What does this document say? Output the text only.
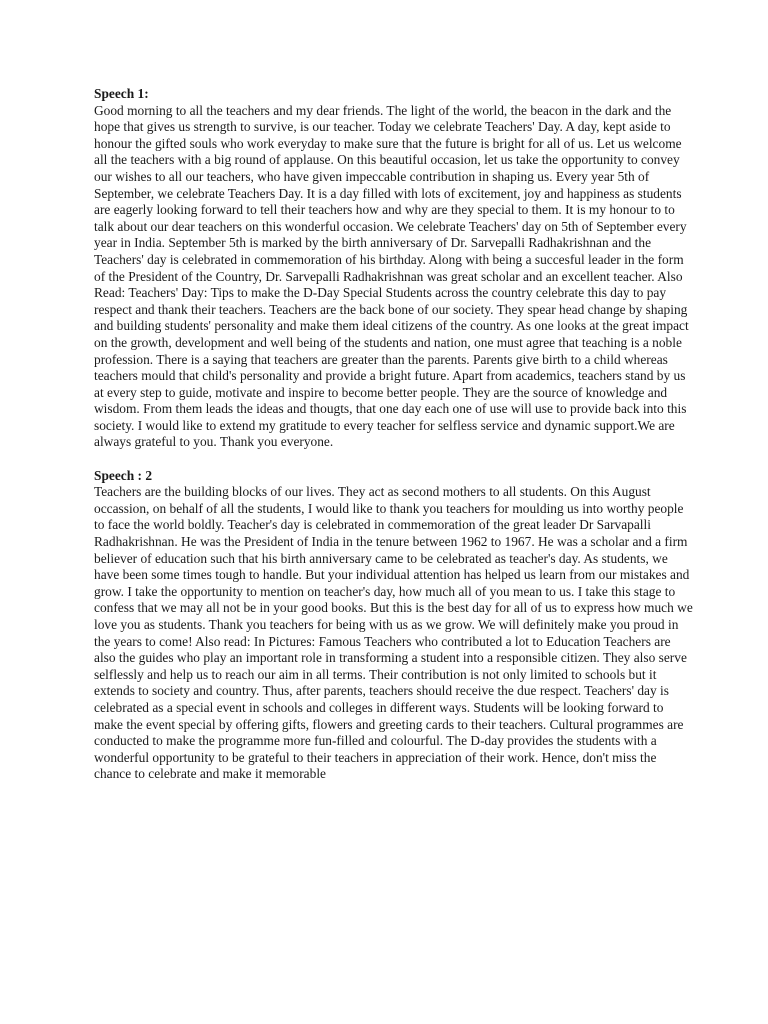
Speech 1:

Good morning to all the teachers and my dear friends. The light of the world, the beacon in the dark and the hope that gives us strength to survive, is our teacher. Today we celebrate Teachers' Day. A day, kept aside to honour the gifted souls who work everyday to make sure that the future is bright for all of us. Let us welcome all the teachers with a big round of applause. On this beautiful occasion, let us take the opportunity to convey our wishes to all our teachers, who have given impeccable contribution in shaping us. Every year 5th of September, we celebrate Teachers Day. It is a day filled with lots of excitement, joy and happiness as students are eagerly looking forward to tell their teachers how and why are they special to them. It is my honour to to talk about our dear teachers on this wonderful occasion. We celebrate Teachers' day on 5th of September every year in India. September 5th is marked by the birth anniversary of Dr. Sarvepalli Radhakrishnan and the Teachers' day is celebrated in commemoration of his birthday. Along with being a succesful leader in the form of the President of the Country, Dr. Sarvepalli Radhakrishnan was great scholar and an excellent teacher. Also Read: Teachers' Day: Tips to make the D-Day Special Students across the country celebrate this day to pay respect and thank their teachers. Teachers are the back bone of our society. They spear head change by shaping and building students' personality and make them ideal citizens of the country. As one looks at the great impact on the growth, development and well being of the students and nation, one must agree that teaching is a noble profession. There is a saying that teachers are greater than the parents. Parents give birth to a child whereas teachers mould that child's personality and provide a bright future. Apart from academics, teachers stand by us at every step to guide, motivate and inspire to become better people. They are the source of knowledge and wisdom. From them leads the ideas and thougts, that one day each one of use will use to provide back into this society. I would like to extend my gratitude to every teacher for selfless service and dynamic support.We are always grateful to you. Thank you everyone.

Speech : 2

Teachers are the building blocks of our lives. They act as second mothers to all students. On this August occassion, on behalf of all the students, I would like to thank you teachers for moulding us into worthy people to face the world boldly. Teacher's day is celebrated in commemoration of the great leader Dr Sarvapalli Radhakrishnan. He was the President of India in the tenure between 1962 to 1967. He was a scholar and a firm believer of education such that his birth anniversary came to be celebrated as teacher's day. As students, we have been some times tough to handle. But your individual attention has helped us learn from our mistakes and grow. I take the opportunity to mention on teacher's day, how much all of you mean to us. I take this stage to confess that we may all not be in your good books. But this is the best day for all of us to express how much we love you as students. Thank you teachers for being with us as we grow. We will definitely make you proud in the years to come! Also read: In Pictures: Famous Teachers who contributed a lot to Education Teachers are also the guides who play an important role in transforming a student into a responsible citizen. They also serve selflessly and help us to reach our aim in all terms. Their contribution is not only limited to schools but it extends to society and country. Thus, after parents, teachers should receive the due respect. Teachers' day is celebrated as a special event in schools and colleges in different ways. Students will be looking forward to make the event special by offering gifts, flowers and greeting cards to their teachers. Cultural programmes are conducted to make the programme more fun-filled and colourful. The D-day provides the students with a wonderful opportunity to be grateful to their teachers in appreciation of their work. Hence, don't miss the chance to celebrate and make it memorable
